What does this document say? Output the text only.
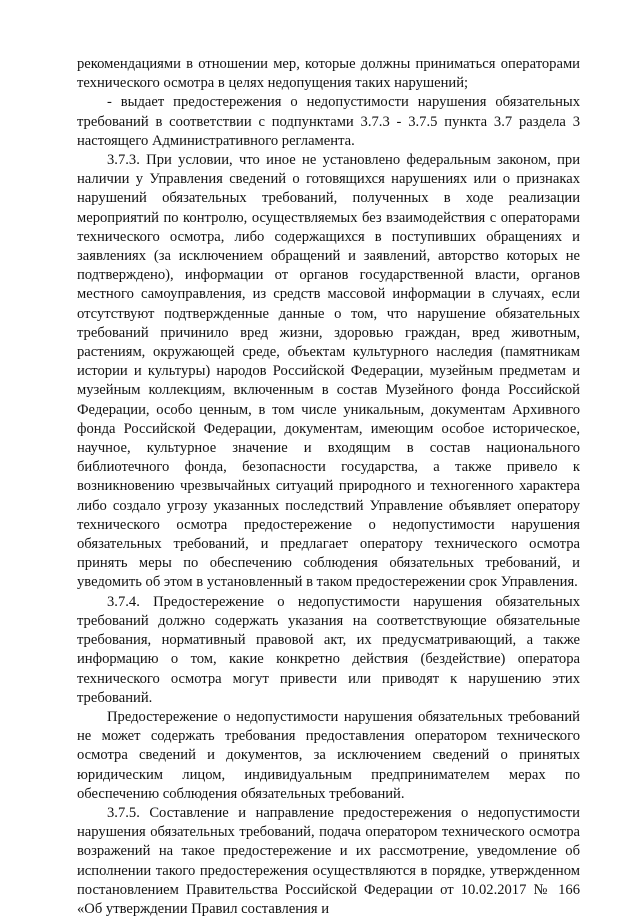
рекомендациями в отношении мер, которые должны приниматься операторами технического осмотра в целях недопущения таких нарушений;

- выдает предостережения о недопустимости нарушения обязательных требований в соответствии с подпунктами 3.7.3 - 3.7.5 пункта 3.7 раздела 3 настоящего Административного регламента.

3.7.3. При условии, что иное не установлено федеральным законом, при наличии у Управления сведений о готовящихся нарушениях или о признаках нарушений обязательных требований, полученных в ходе реализации мероприятий по контролю, осуществляемых без взаимодействия с операторами технического осмотра, либо содержащихся в поступивших обращениях и заявлениях (за исключением обращений и заявлений, авторство которых не подтверждено), информации от органов государственной власти, органов местного самоуправления, из средств массовой информации в случаях, если отсутствуют подтвержденные данные о том, что нарушение обязательных требований причинило вред жизни, здоровью граждан, вред животным, растениям, окружающей среде, объектам культурного наследия (памятникам истории и культуры) народов Российской Федерации, музейным предметам и музейным коллекциям, включенным в состав Музейного фонда Российской Федерации, особо ценным, в том числе уникальным, документам Архивного фонда Российской Федерации, документам, имеющим особое историческое, научное, культурное значение и входящим в состав национального библиотечного фонда, безопасности государства, а также привело к возникновению чрезвычайных ситуаций природного и техногенного характера либо создало угрозу указанных последствий Управление объявляет оператору технического осмотра предостережение о недопустимости нарушения обязательных требований, и предлагает оператору технического осмотра принять меры по обеспечению соблюдения обязательных требований, и уведомить об этом в установленный в таком предостережении срок Управления.

3.7.4. Предостережение о недопустимости нарушения обязательных требований должно содержать указания на соответствующие обязательные требования, нормативный правовой акт, их предусматривающий, а также информацию о том, какие конкретно действия (бездействие) оператора технического осмотра могут привести или приводят к нарушению этих требований.

Предостережение о недопустимости нарушения обязательных требований не может содержать требования предоставления оператором технического осмотра сведений и документов, за исключением сведений о принятых юридическим лицом, индивидуальным предпринимателем мерах по обеспечению соблюдения обязательных требований.

3.7.5. Составление и направление предостережения о недопустимости нарушения обязательных требований, подача оператором технического осмотра возражений на такое предостережение и их рассмотрение, уведомление об исполнении такого предостережения осуществляются в порядке, утвержденном постановлением Правительства Российской Федерации от 10.02.2017 № 166 «Об утверждении Правил составления и
